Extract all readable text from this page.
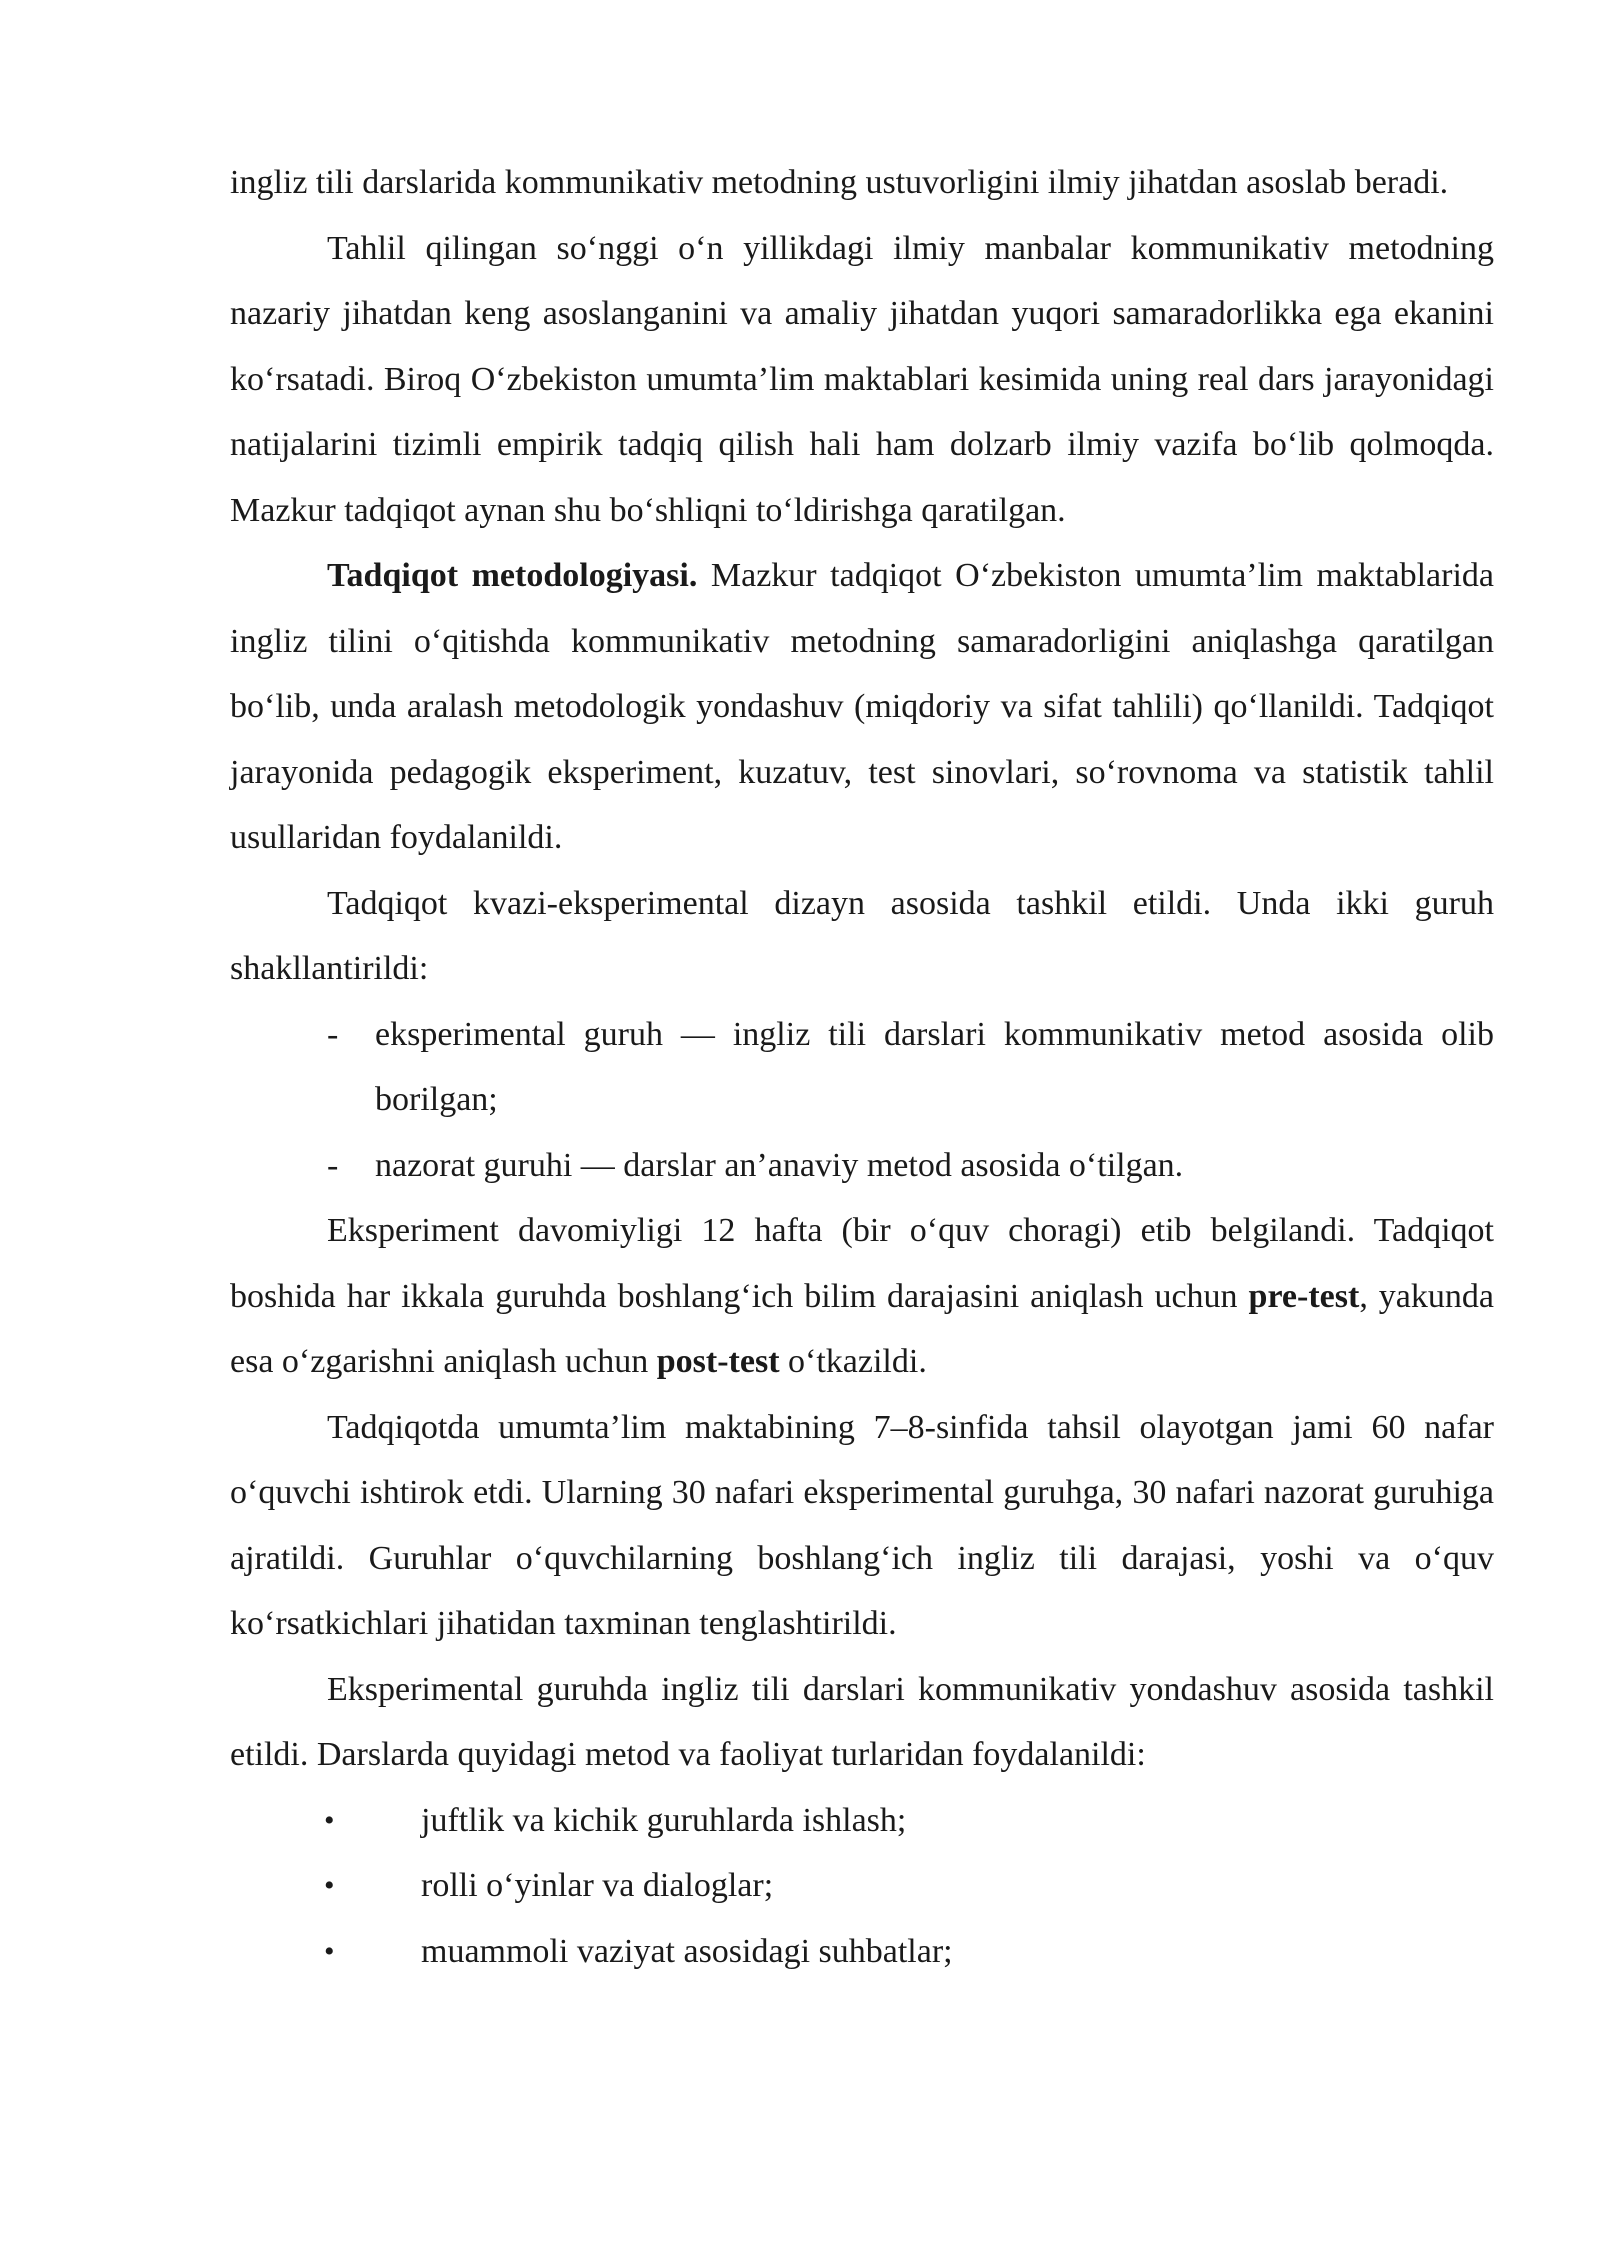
ingliz tili darslarida kommunikativ metodning ustuvorligini ilmiy jihatdan asoslab beradi.

Tahlil qilingan so‘nggi o‘n yillikdagi ilmiy manbalar kommunikativ metodning nazariy jihatdan keng asoslanganini va amaliy jihatdan yuqori samaradorlikka ega ekanini ko‘rsatadi. Biroq O‘zbekiston umumta’lim maktablari kesimida uning real dars jarayonidagi natijalarini tizimli empirik tadqiq qilish hali ham dolzarb ilmiy vazifa bo‘lib qolmoqda. Mazkur tadqiqot aynan shu bo‘shliqni to‘ldirishga qaratilgan.

Tadqiqot metodologiyasi. Mazkur tadqiqot O‘zbekiston umumta’lim maktablarida ingliz tilini o‘qitishda kommunikativ metodning samaradorligini aniqlashga qaratilgan bo‘lib, unda aralash metodologik yondashuv (miqdoriy va sifat tahlili) qo‘llanildi. Tadqiqot jarayonida pedagogik eksperiment, kuzatuv, test sinovlari, so‘rovnoma va statistik tahlil usullaridan foydalanildi.

Tadqiqot kvazi-eksperimental dizayn asosida tashkil etildi. Unda ikki guruh shakllantirildi:

- eksperimental guruh — ingliz tili darslari kommunikativ metod asosida olib borilgan;
- nazorat guruhi — darslar an’anaviy metod asosida o‘tilgan.

Eksperiment davomiyligi 12 hafta (bir o‘quv choragi) etib belgilandi. Tadqiqot boshida har ikkala guruhda boshlang‘ich bilim darajasini aniqlash uchun pre-test, yakunda esa o‘zgarishni aniqlash uchun post-test o‘tkazildi.

Tadqiqotda umumta’lim maktabining 7–8-sinfida tahsil olayotgan jami 60 nafar o‘quvchi ishtirok etdi. Ularning 30 nafari eksperimental guruhga, 30 nafari nazorat guruhiga ajratildi. Guruhlar o‘quvchilarning boshlang‘ich ingliz tili darajasi, yoshi va o‘quv ko‘rsatkichlari jihatidan taxminan tenglashtirildi.

Eksperimental guruhda ingliz tili darslari kommunikativ yondashuv asosida tashkil etildi. Darslarda quyidagi metod va faoliyat turlaridan foydalanildi:

•	juftlik va kichik guruhlarda ishlash;
•	rolli o‘yinlar va dialoglar;
•	muammoli vaziyat asosidagi suhbatlar;
